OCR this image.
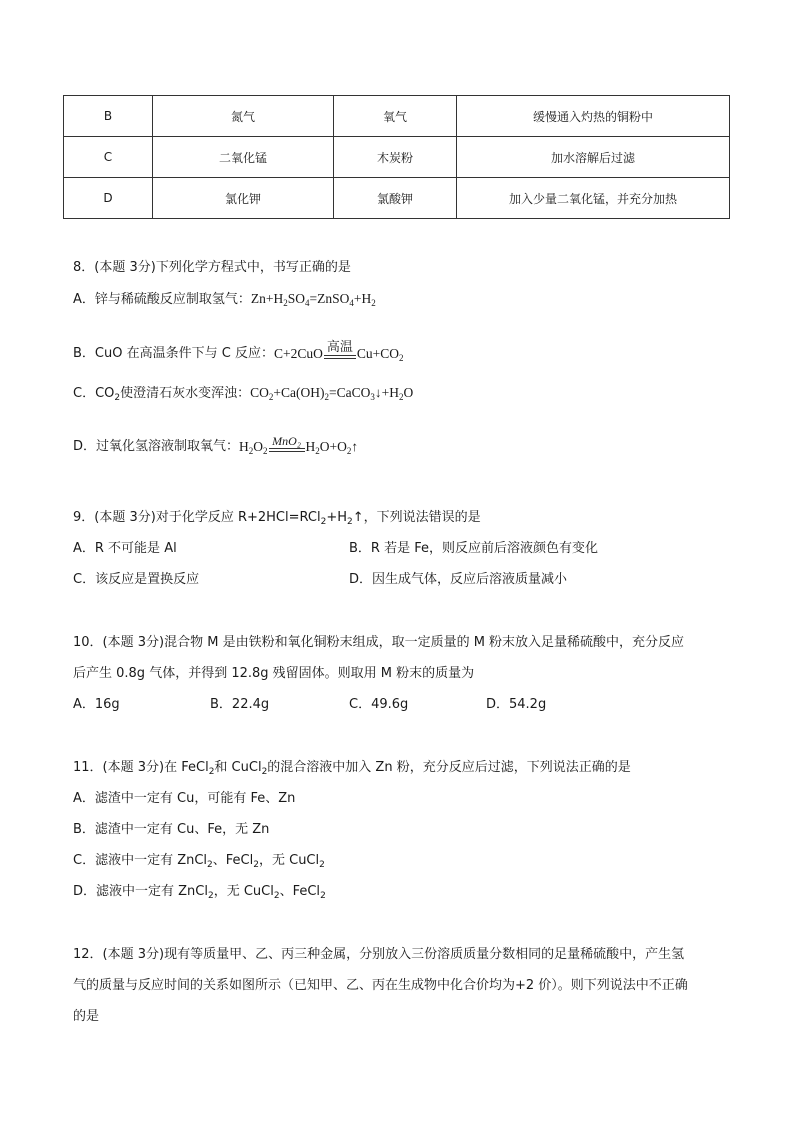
B	氮气	氧气	缓慢通入灼热的铜粉中
C	二氧化锰	木炭粉	加水溶解后过滤
D	氯化钾	氯酸钾	加入少量二氧化锰，并充分加热
8．(本题 3分)下列化学方程式中，书写正确的是
A．锌与稀硫酸反应制取氢气：$Zn+H_2SO_4=ZnSO_4+H_2$
B．CuO 在高温条件下与 C 反应： C+2CuO 高温 $Cu+CO_2$
C．$CO_2$使澄清石灰水变浑浊：$CO_2+Ca(OH)_2=CaCO_3↓+H_2O$
D．过氧化氢溶液制取氧气： $H_2O_2$
MnO₂ $H_2O+O_2↑$
9．(本题 3分)对于化学反应 $R+2HCl=RCl_2+H_2↑$，下列说法错误的是
A．R 不可能是 Al	B．R 若是 Fe，则反应前后溶液颜色有变化
C．该反应是置换反应	D．因生成气体，反应后溶液质量减小
10．(本题 3分)混合物 M 是由铁粉和氧化铜粉末组成，取一定质量的 M 粉末放入足量稀硫酸中，充分反应
后产生 0.8g 气体，并得到 12.8g 残留固体。则取用 M 粉末的质量为
A．16g	B．22.4g	C．49.6g	D．54.2g
11．(本题 3分)在 FeCl$_2$和 CuCl$_2$的混合溶液中加入 Zn 粉，充分反应后过滤，下列说法正确的是
A．滤渣中一定有 Cu，可能有 Fe、Zn
B．滤渣中一定有 Cu、Fe，无 Zn
C．滤液中一定有 ZnCl$_2$、FeCl$_2$，无 CuCl$_2$
D．滤液中一定有 ZnCl$_2$，无 CuCl$_2$、FeCl$_2$
12．(本题 3分)现有等质量甲、乙、丙三种金属，分别放入三份溶质质量分数相同的足量稀硫酸中，产生氢
气的质量与反应时间的关系如图所示（已知甲、乙、丙在生成物中化合价均为+2 价）。则下列说法中不正确
的是
